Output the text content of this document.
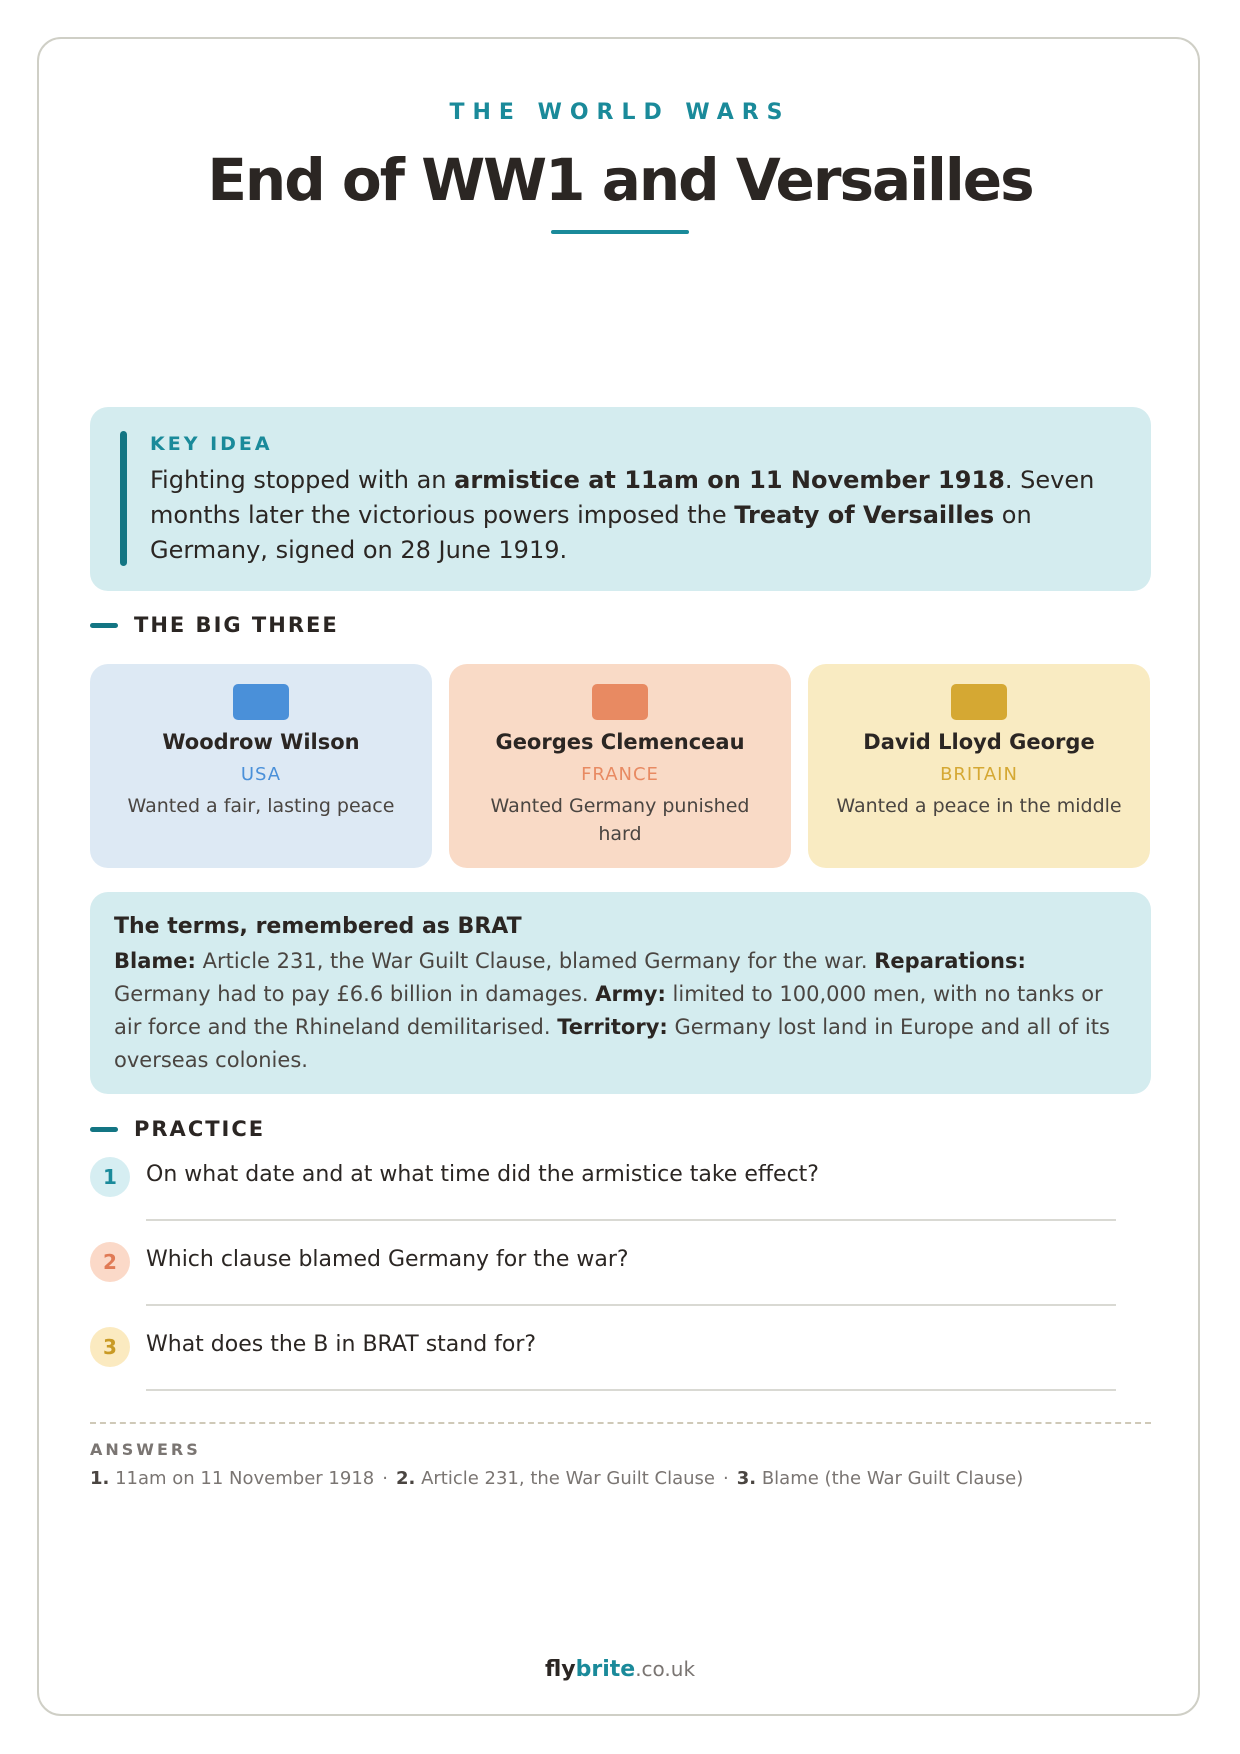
THE WORLD WARS
End of WW1 and Versailles
KEY IDEA
Fighting stopped with an armistice at 11am on 11 November 1918. Seven months later the victorious powers imposed the Treaty of Versailles on Germany, signed on 28 June 1919.
THE BIG THREE
Woodrow Wilson
USA
Wanted a fair, lasting peace
Georges Clemenceau
FRANCE
Wanted Germany punished hard
David Lloyd George
BRITAIN
Wanted a peace in the middle
The terms, remembered as BRAT
Blame: Article 231, the War Guilt Clause, blamed Germany for the war. Reparations: Germany had to pay £6.6 billion in damages. Army: limited to 100,000 men, with no tanks or air force and the Rhineland demilitarised. Territory: Germany lost land in Europe and all of its overseas colonies.
PRACTICE
1	On what date and at what time did the armistice take effect?
2	Which clause blamed Germany for the war?
3	What does the B in BRAT stand for?
ANSWERS
1. 11am on 11 November 1918 · 2. Article 231, the War Guilt Clause · 3. Blame (the War Guilt Clause)
flybrite.co.uk
